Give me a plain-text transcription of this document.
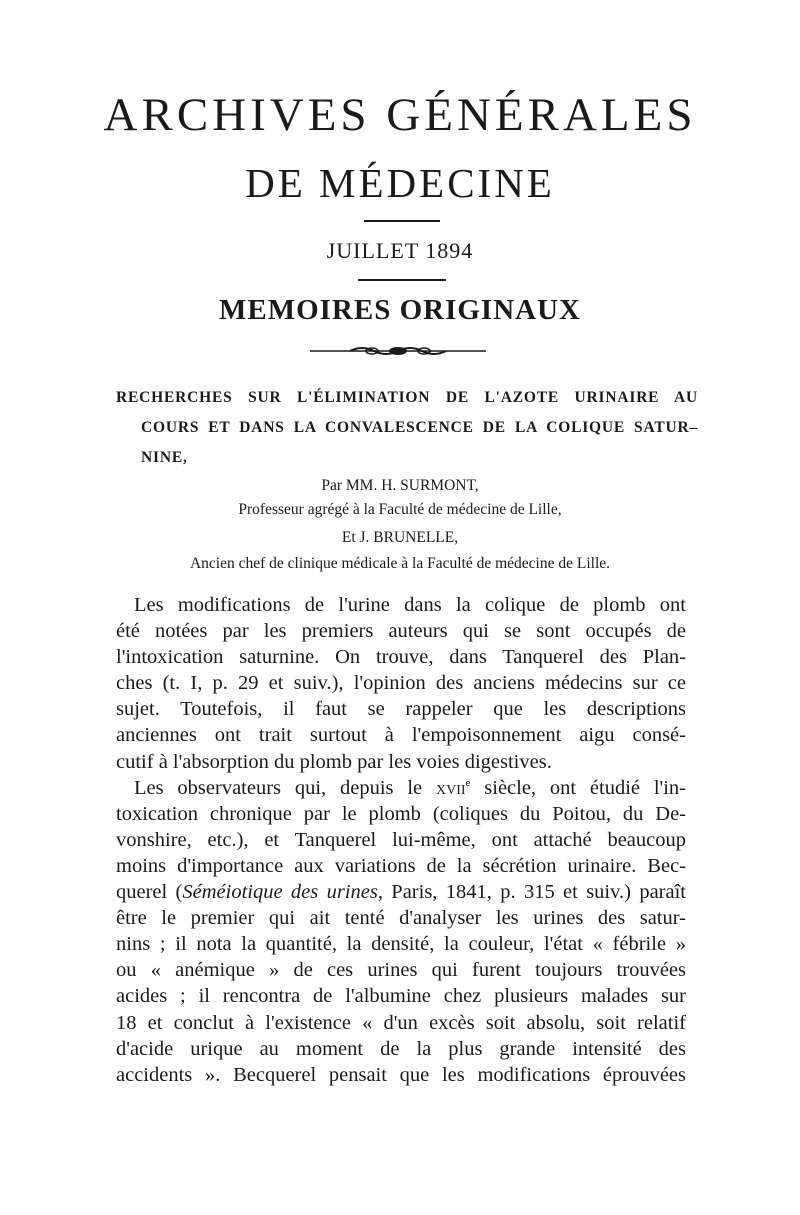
ARCHIVES GÉNÉRALES
DE MÉDECINE
JUILLET 1894
MEMOIRES ORIGINAUX
RECHERCHES SUR L'ÉLIMINATION DE L'AZOTE URINAIRE AU
COURS ET DANS LA CONVALESCENCE DE LA COLIQUE SATUR–
NINE,
Par MM. H. SURMONT,
Professeur agrégé à la Faculté de médecine de Lille,
Et J. BRUNELLE,
Ancien chef de clinique médicale à la Faculté de médecine de Lille.
Les modifications de l'urine dans la colique de plomb ont
été notées par les premiers auteurs qui se sont occupés de
l'intoxication saturnine. On trouve, dans Tanquerel des Plan-
ches (t. I, p. 29 et suiv.), l'opinion des anciens médecins sur ce
sujet. Toutefois, il faut se rappeler que les descriptions
anciennes ont trait surtout à l'empoisonnement aigu consé-
cutif à l'absorption du plomb par les voies digestives.
Les observateurs qui, depuis le xvii$^e$ siècle, ont étudié l'in-
toxication chronique par le plomb (coliques du Poitou, du De-
vonshire, etc.), et Tanquerel lui-même, ont attaché beaucoup
moins d'importance aux variations de la sécrétion urinaire. Bec-
querel (Séméiotique des urines, Paris, 1841, p. 315 et suiv.) paraît
être le premier qui ait tenté d'analyser les urines des satur-
nins ; il nota la quantité, la densité, la couleur, l'état « fébrile »
ou « anémique » de ces urines qui furent toujours trouvées
acides ; il rencontra de l'albumine chez plusieurs malades sur
18 et conclut à l'existence « d'un excès soit absolu, soit relatif
d'acide urique au moment de la plus grande intensité des
accidents ». Becquerel pensait que les modifications éprouvées
